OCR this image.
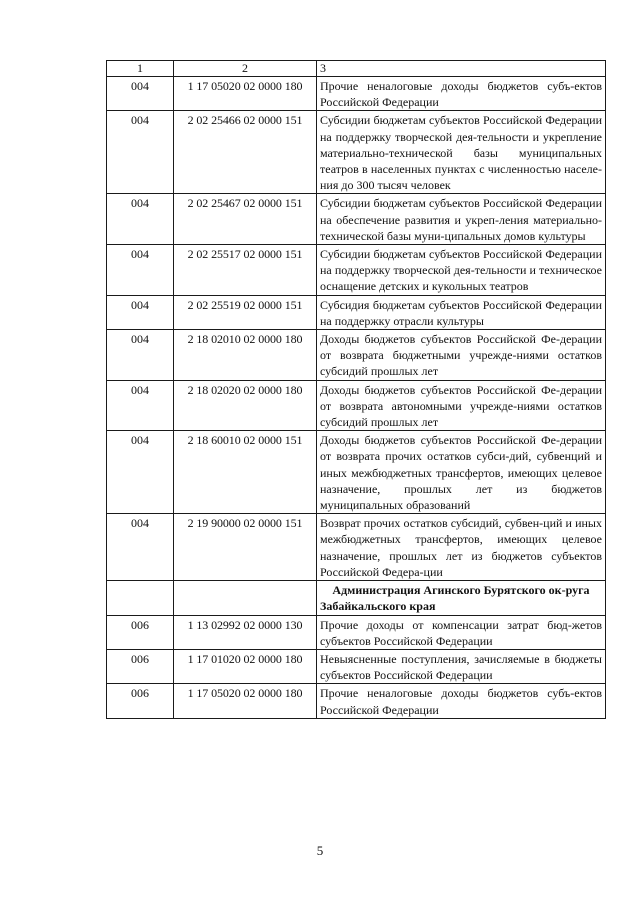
1	2	3
004	1 17 05020 02 0000 180	Прочие неналоговые доходы бюджетов субъ-ектов Российской Федерации
004	2 02 25466 02 0000 151	Субсидии бюджетам субъектов Российской Федерации на поддержку творческой дея-тельности и укрепление материально-технической базы муниципальных театров в населенных пунктах с численностью населе-ния до 300 тысяч человек
004	2 02 25467 02 0000 151	Субсидии бюджетам субъектов Российской Федерации на обеспечение развития и укреп-ления материально-технической базы муни-ципальных домов культуры
004	2 02 25517 02 0000 151	Субсидии бюджетам субъектов Российской Федерации на поддержку творческой дея-тельности и техническое оснащение детских и кукольных театров
004	2 02 25519 02 0000 151	Субсидия бюджетам субъектов Российской Федерации на поддержку отрасли культуры
004	2 18 02010 02 0000 180	Доходы бюджетов субъектов Российской Фе-дерации от возврата бюджетными учрежде-ниями остатков субсидий прошлых лет
004	2 18 02020 02 0000 180	Доходы бюджетов субъектов Российской Фе-дерации от возврата автономными учрежде-ниями остатков субсидий прошлых лет
004	2 18 60010 02 0000 151	Доходы бюджетов субъектов Российской Фе-дерации от возврата прочих остатков субси-дий, субвенций и иных межбюджетных трансфертов, имеющих целевое назначение, прошлых лет из бюджетов муниципальных образований
004	2 19 90000 02 0000 151	Возврат прочих остатков субсидий, субвен-ций и иных межбюджетных трансфертов, имеющих целевое назначение, прошлых лет из бюджетов субъектов Российской Федера-ции
		Администрация Агинского Бурятского ок-руга Забайкальского края
006	1 13 02992 02 0000 130	Прочие доходы от компенсации затрат бюд-жетов субъектов Российской Федерации
006	1 17 01020 02 0000 180	Невыясненные поступления, зачисляемые в бюджеты субъектов Российской Федерации
006	1 17 05020 02 0000 180	Прочие неналоговые доходы бюджетов субъ-ектов Российской Федерации
5
